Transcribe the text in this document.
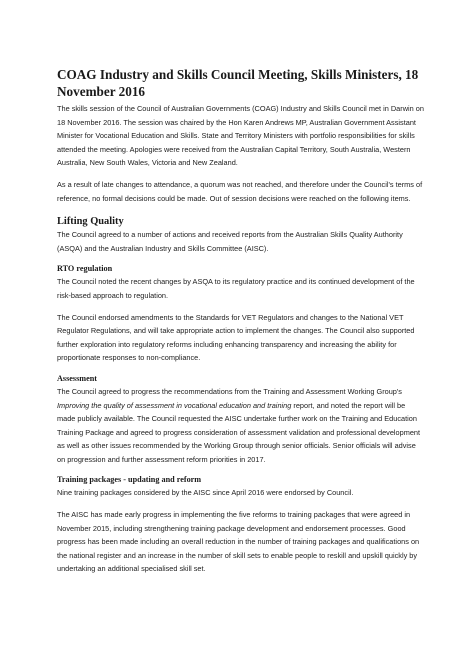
COAG Industry and Skills Council Meeting, Skills Ministers, 18 November 2016

The skills session of the Council of Australian Governments (COAG) Industry and Skills Council met in Darwin on 18 November 2016. The session was chaired by the Hon Karen Andrews MP, Australian Government Assistant Minister for Vocational Education and Skills. State and Territory Ministers with portfolio responsibilities for skills attended the meeting. Apologies were received from the Australian Capital Territory, South Australia, Western Australia, New South Wales, Victoria and New Zealand.

As a result of late changes to attendance, a quorum was not reached, and therefore under the Council's terms of reference, no formal decisions could be made. Out of session decisions were reached on the following items.

Lifting Quality

The Council agreed to a number of actions and received reports from the Australian Skills Quality Authority (ASQA) and the Australian Industry and Skills Committee (AISC).

RTO regulation

The Council noted the recent changes by ASQA to its regulatory practice and its continued development of the risk-based approach to regulation.

The Council endorsed amendments to the Standards for VET Regulators and changes to the National VET Regulator Regulations, and will take appropriate action to implement the changes. The Council also supported further exploration into regulatory reforms including enhancing transparency and increasing the ability for proportionate responses to non-compliance.

Assessment

The Council agreed to progress the recommendations from the Training and Assessment Working Group's Improving the quality of assessment in vocational education and training report, and noted the report will be made publicly available. The Council requested the AISC undertake further work on the Training and Education Training Package and agreed to progress consideration of assessment validation and professional development as well as other issues recommended by the Working Group through senior officials. Senior officials will advise on progression and further assessment reform priorities in 2017.

Training packages - updating and reform

Nine training packages considered by the AISC since April 2016 were endorsed by Council.

The AISC has made early progress in implementing the five reforms to training packages that were agreed in November 2015, including strengthening training package development and endorsement processes. Good progress has been made including an overall reduction in the number of training packages and qualifications on the national register and an increase in the number of skill sets to enable people to reskill and upskill quickly by undertaking an additional specialised skill set.
